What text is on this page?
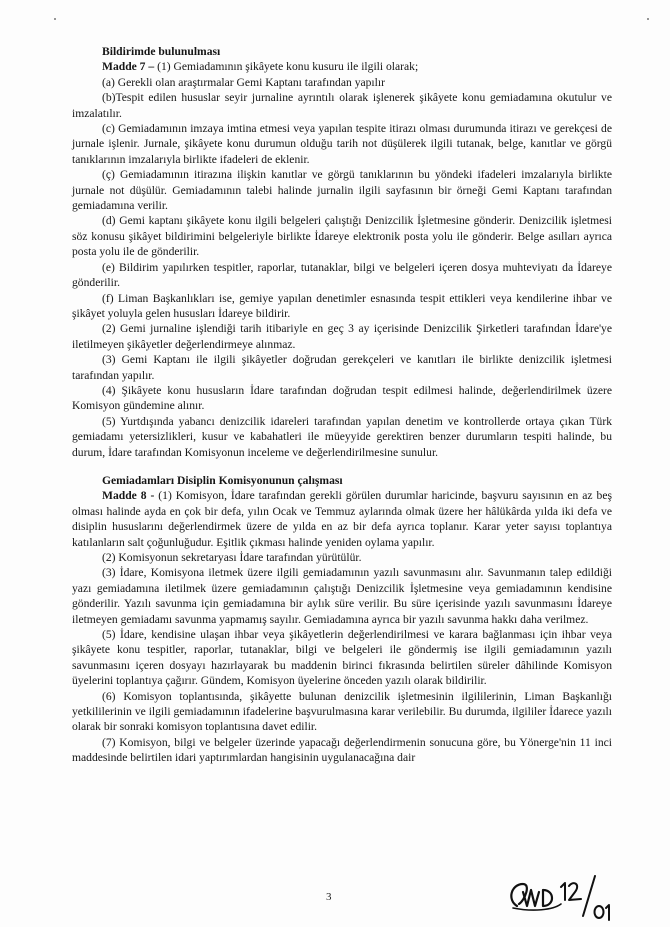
Bildirimde bulunulması
Madde 7 – (1) Gemiadamının şikâyete konu kusuru ile ilgili olarak;

(a) Gerekli olan araştırmalar Gemi Kaptanı tarafından yapılır

(b)Tespit edilen hususlar seyir jurnaline ayrıntılı olarak işlenerek şikâyete konu gemiadamına okutulur ve imzalatılır.

(c) Gemiadamının imzaya imtina etmesi veya yapılan tespite itirazı olması durumunda itirazı ve gerekçesi de jurnale işlenir. Jurnale, şikâyete konu durumun olduğu tarih not düşülerek ilgili tutanak, belge, kanıtlar ve görgü tanıklarının imzalarıyla birlikte ifadeleri de eklenir.

(ç) Gemiadamının itirazına ilişkin kanıtlar ve görgü tanıklarının bu yöndeki ifadeleri imzalarıyla birlikte jurnale not düşülür. Gemiadamının talebi halinde jurnalin ilgili sayfasının bir örneği Gemi Kaptanı tarafından gemiadamına verilir.

(d) Gemi kaptanı şikâyete konu ilgili belgeleri çalıştığı Denizcilik İşletmesine gönderir. Denizcilik işletmesi söz konusu şikâyet bildirimini belgeleriyle birlikte İdareye elektronik posta yolu ile gönderir. Belge asılları ayrıca posta yolu ile de gönderilir.

(e) Bildirim yapılırken tespitler, raporlar, tutanaklar, bilgi ve belgeleri içeren dosya muhteviyatı da İdareye gönderilir.

(f) Liman Başkanlıkları ise, gemiye yapılan denetimler esnasında tespit ettikleri veya kendilerine ihbar ve şikâyet yoluyla gelen hususları İdareye bildirir.

(2) Gemi jurnaline işlendiği tarih itibariyle en geç 3 ay içerisinde Denizcilik Şirketleri tarafından İdare'ye iletilmeyen şikâyetler değerlendirmeye alınmaz.

(3) Gemi Kaptanı ile ilgili şikâyetler doğrudan gerekçeleri ve kanıtları ile birlikte denizcilik işletmesi tarafından yapılır.

(4) Şikâyete konu hususların İdare tarafından doğrudan tespit edilmesi halinde, değerlendirilmek üzere Komisyon gündemine alınır.

(5) Yurtdışında yabancı denizcilik idareleri tarafından yapılan denetim ve kontrollerde ortaya çıkan Türk gemiadamı yetersizlikleri, kusur ve kabahatleri ile müeyyide gerektiren benzer durumların tespiti halinde, bu durum, İdare tarafından Komisyonun inceleme ve değerlendirilmesine sunulur.

Gemiadamları Disiplin Komisyonunun çalışması

Madde 8 - (1) Komisyon, İdare tarafından gerekli görülen durumlar haricinde, başvuru sayısının en az beş olması halinde ayda en çok bir defa, yılın Ocak ve Temmuz aylarında olmak üzere her hâlükârda yılda iki defa ve disiplin hususlarını değerlendirmek üzere de yılda en az bir defa ayrıca toplanır. Karar yeter sayısı toplantıya katılanların salt çoğunluğudur. Eşitlik çıkması halinde yeniden oylama yapılır.

(2) Komisyonun sekretaryası İdare tarafından yürütülür.

(3) İdare, Komisyona iletmek üzere ilgili gemiadamının yazılı savunmasını alır. Savunmanın talep edildiği yazı gemiadamına iletilmek üzere gemiadamının çalıştığı Denizcilik İşletmesine veya gemiadamının kendisine gönderilir. Yazılı savunma için gemiadamına bir aylık süre verilir. Bu süre içerisinde yazılı savunmasını İdareye iletmeyen gemiadamı savunma yapmamış sayılır. Gemiadamına ayrıca bir yazılı savunma hakkı daha verilmez.

(5) İdare, kendisine ulaşan ihbar veya şikâyetlerin değerlendirilmesi ve karara bağlanması için ihbar veya şikâyete konu tespitler, raporlar, tutanaklar, bilgi ve belgeleri ile göndermiş ise ilgili gemiadamının yazılı savunmasını içeren dosyayı hazırlayarak bu maddenin birinci fıkrasında belirtilen süreler dâhilinde Komisyon üyelerini toplantıya çağırır. Gündem, Komisyon üyelerine önceden yazılı olarak bildirilir.

(6) Komisyon toplantısında, şikâyette bulunan denizcilik işletmesinin ilgililerinin, Liman Başkanlığı yetkililerinin ve ilgili gemiadamının ifadelerine başvurulmasına karar verilebilir. Bu durumda, ilgililer İdarece yazılı olarak bir sonraki komisyon toplantısına davet edilir.

(7) Komisyon, bilgi ve belgeler üzerinde yapacağı değerlendirmenin sonucuna göre, bu Yönerge'nin 11 inci maddesinde belirtilen idari yaptırımlardan hangisinin uygulanacağına dair

3
